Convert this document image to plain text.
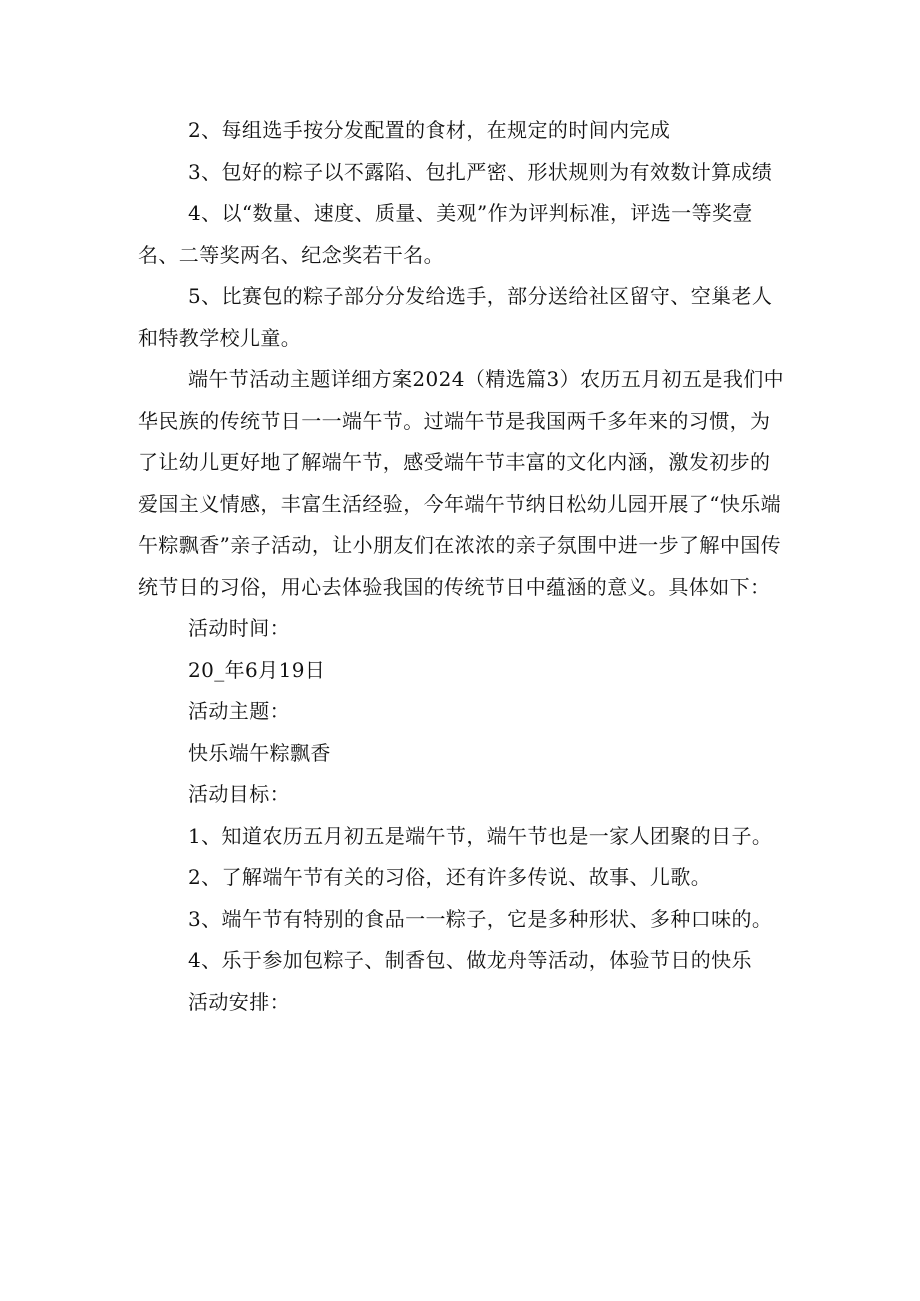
2、每组选手按分发配置的食材，在规定的时间内完成

3、包好的粽子以不露陷、包扎严密、形状规则为有效数计算成绩

4、以“数量、速度、质量、美观”作为评判标准，评选一等奖壹名、二等奖两名、纪念奖若干名。

5、比赛包的粽子部分分发给选手，部分送给社区留守、空巢老人和特教学校儿童。

端午节活动主题详细方案2024（精选篇3）农历五月初五是我们中华民族的传统节日一一端午节。过端午节是我国两千多年来的习惯，为了让幼儿更好地了解端午节，感受端午节丰富的文化内涵，激发初步的爱国主义情感，丰富生活经验，今年端午节纳日松幼儿园开展了“快乐端午粽飘香”亲子活动，让小朋友们在浓浓的亲子氛围中进一步了解中国传统节日的习俗，用心去体验我国的传统节日中蕴涵的意义。具体如下：

活动时间：

20_年6月19日

活动主题：

快乐端午粽飘香

活动目标：

1、知道农历五月初五是端午节，端午节也是一家人团聚的日子。

2、了解端午节有关的习俗，还有许多传说、故事、儿歌。

3、端午节有特别的食品一一粽子，它是多种形状、多种口味的。

4、乐于参加包粽子、制香包、做龙舟等活动，体验节日的快乐

活动安排：
